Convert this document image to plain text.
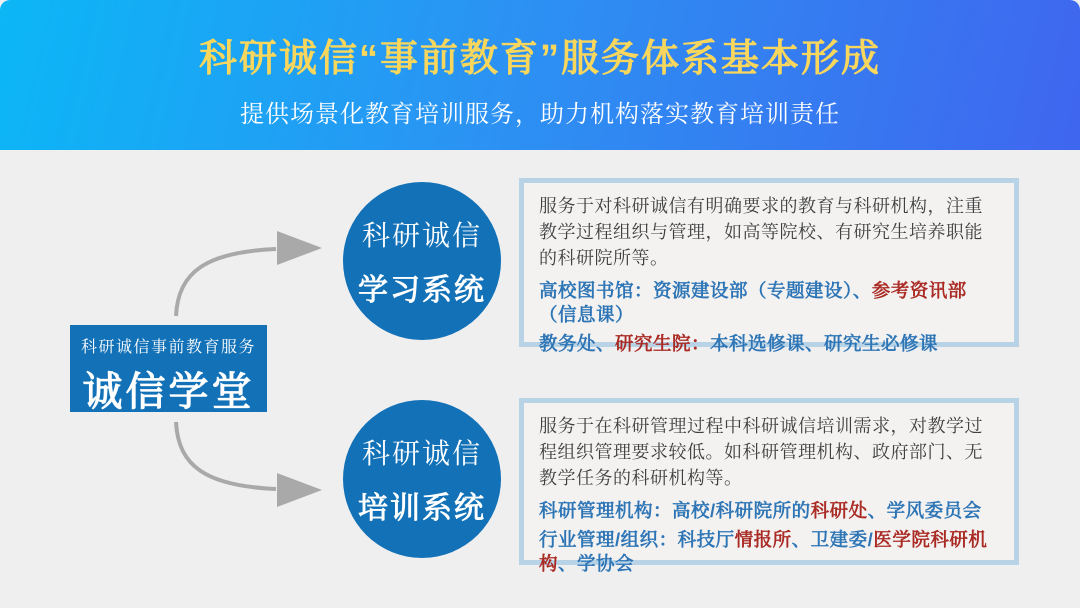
科研诚信“事前教育”服务体系基本形成

提供场景化教育培训服务，助力机构落实教育培训责任

科研诚信事前教育服务
诚信学堂
科研诚信
学习系统
科研诚信
培训系统

服务于对科研诚信有明确要求的教育与科研机构，注重教学过程组织与管理，如高等院校、有研究生培养职能的科研院所等。

高校图书馆：资源建设部（专题建设）、参考资讯部（信息课）

教务处、研究生院：本科选修课、研究生必修课

服务于在科研管理过程中科研诚信培训需求，对教学过程组织管理要求较低。如科研管理机构、政府部门、无教学任务的科研机构等。

科研管理机构：高校/科研院所的科研处、学风委员会

行业管理/组织：科技厅情报所、卫建委/医学院科研机构、学协会
